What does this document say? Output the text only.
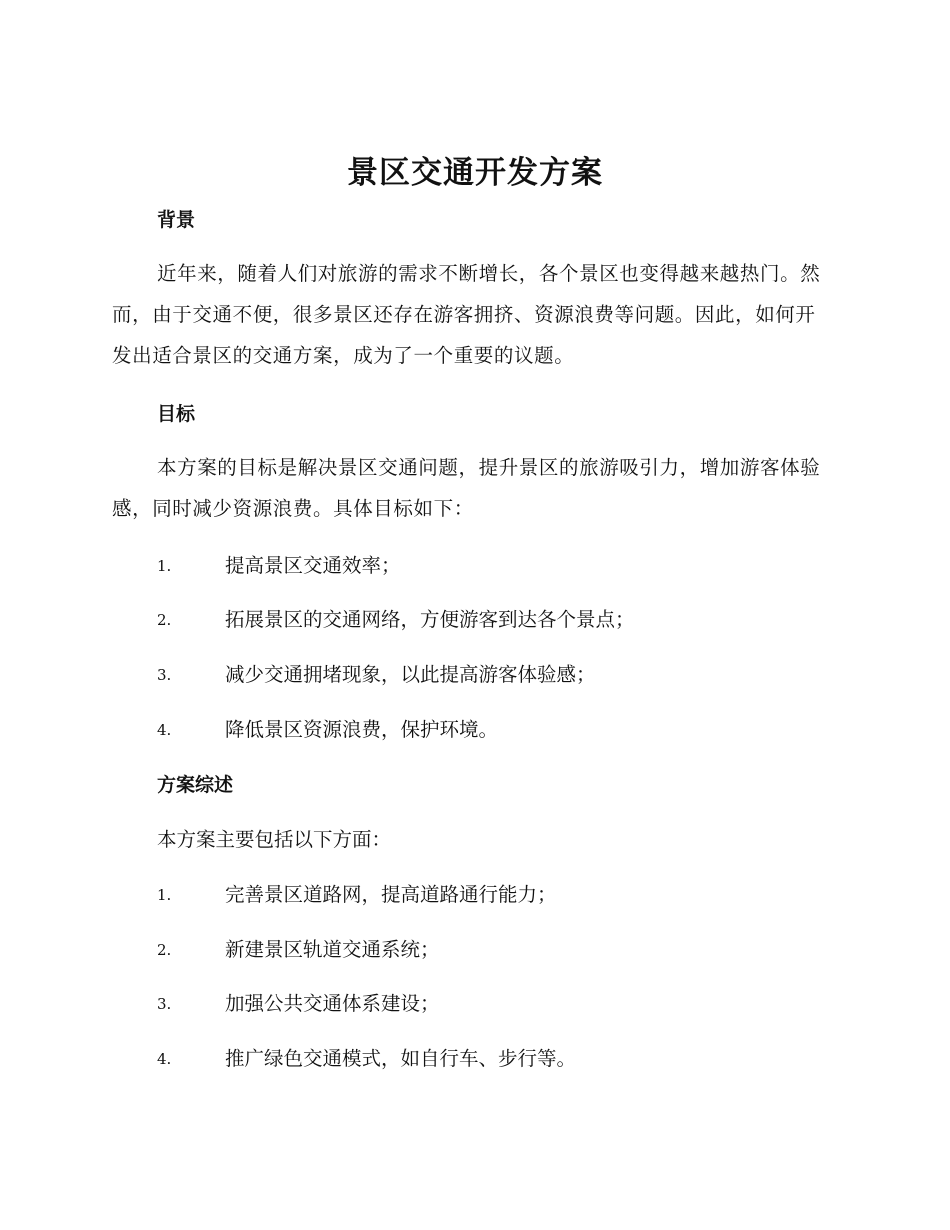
景区交通开发方案
背景

近年来，随着人们对旅游的需求不断增长，各个景区也变得越来越热门。然而，由于交通不便，很多景区还存在游客拥挤、资源浪费等问题。因此，如何开发出适合景区的交通方案，成为了一个重要的议题。

目标

本方案的目标是解决景区交通问题，提升景区的旅游吸引力，增加游客体验感，同时减少资源浪费。具体目标如下：

1.	提高景区交通效率；
2.	拓展景区的交通网络，方便游客到达各个景点；
3.	减少交通拥堵现象，以此提高游客体验感；
4.	降低景区资源浪费，保护环境。
方案综述

本方案主要包括以下方面：

1.	完善景区道路网，提高道路通行能力；
2.	新建景区轨道交通系统；
3.	加强公共交通体系建设；
4.	推广绿色交通模式，如自行车、步行等。
